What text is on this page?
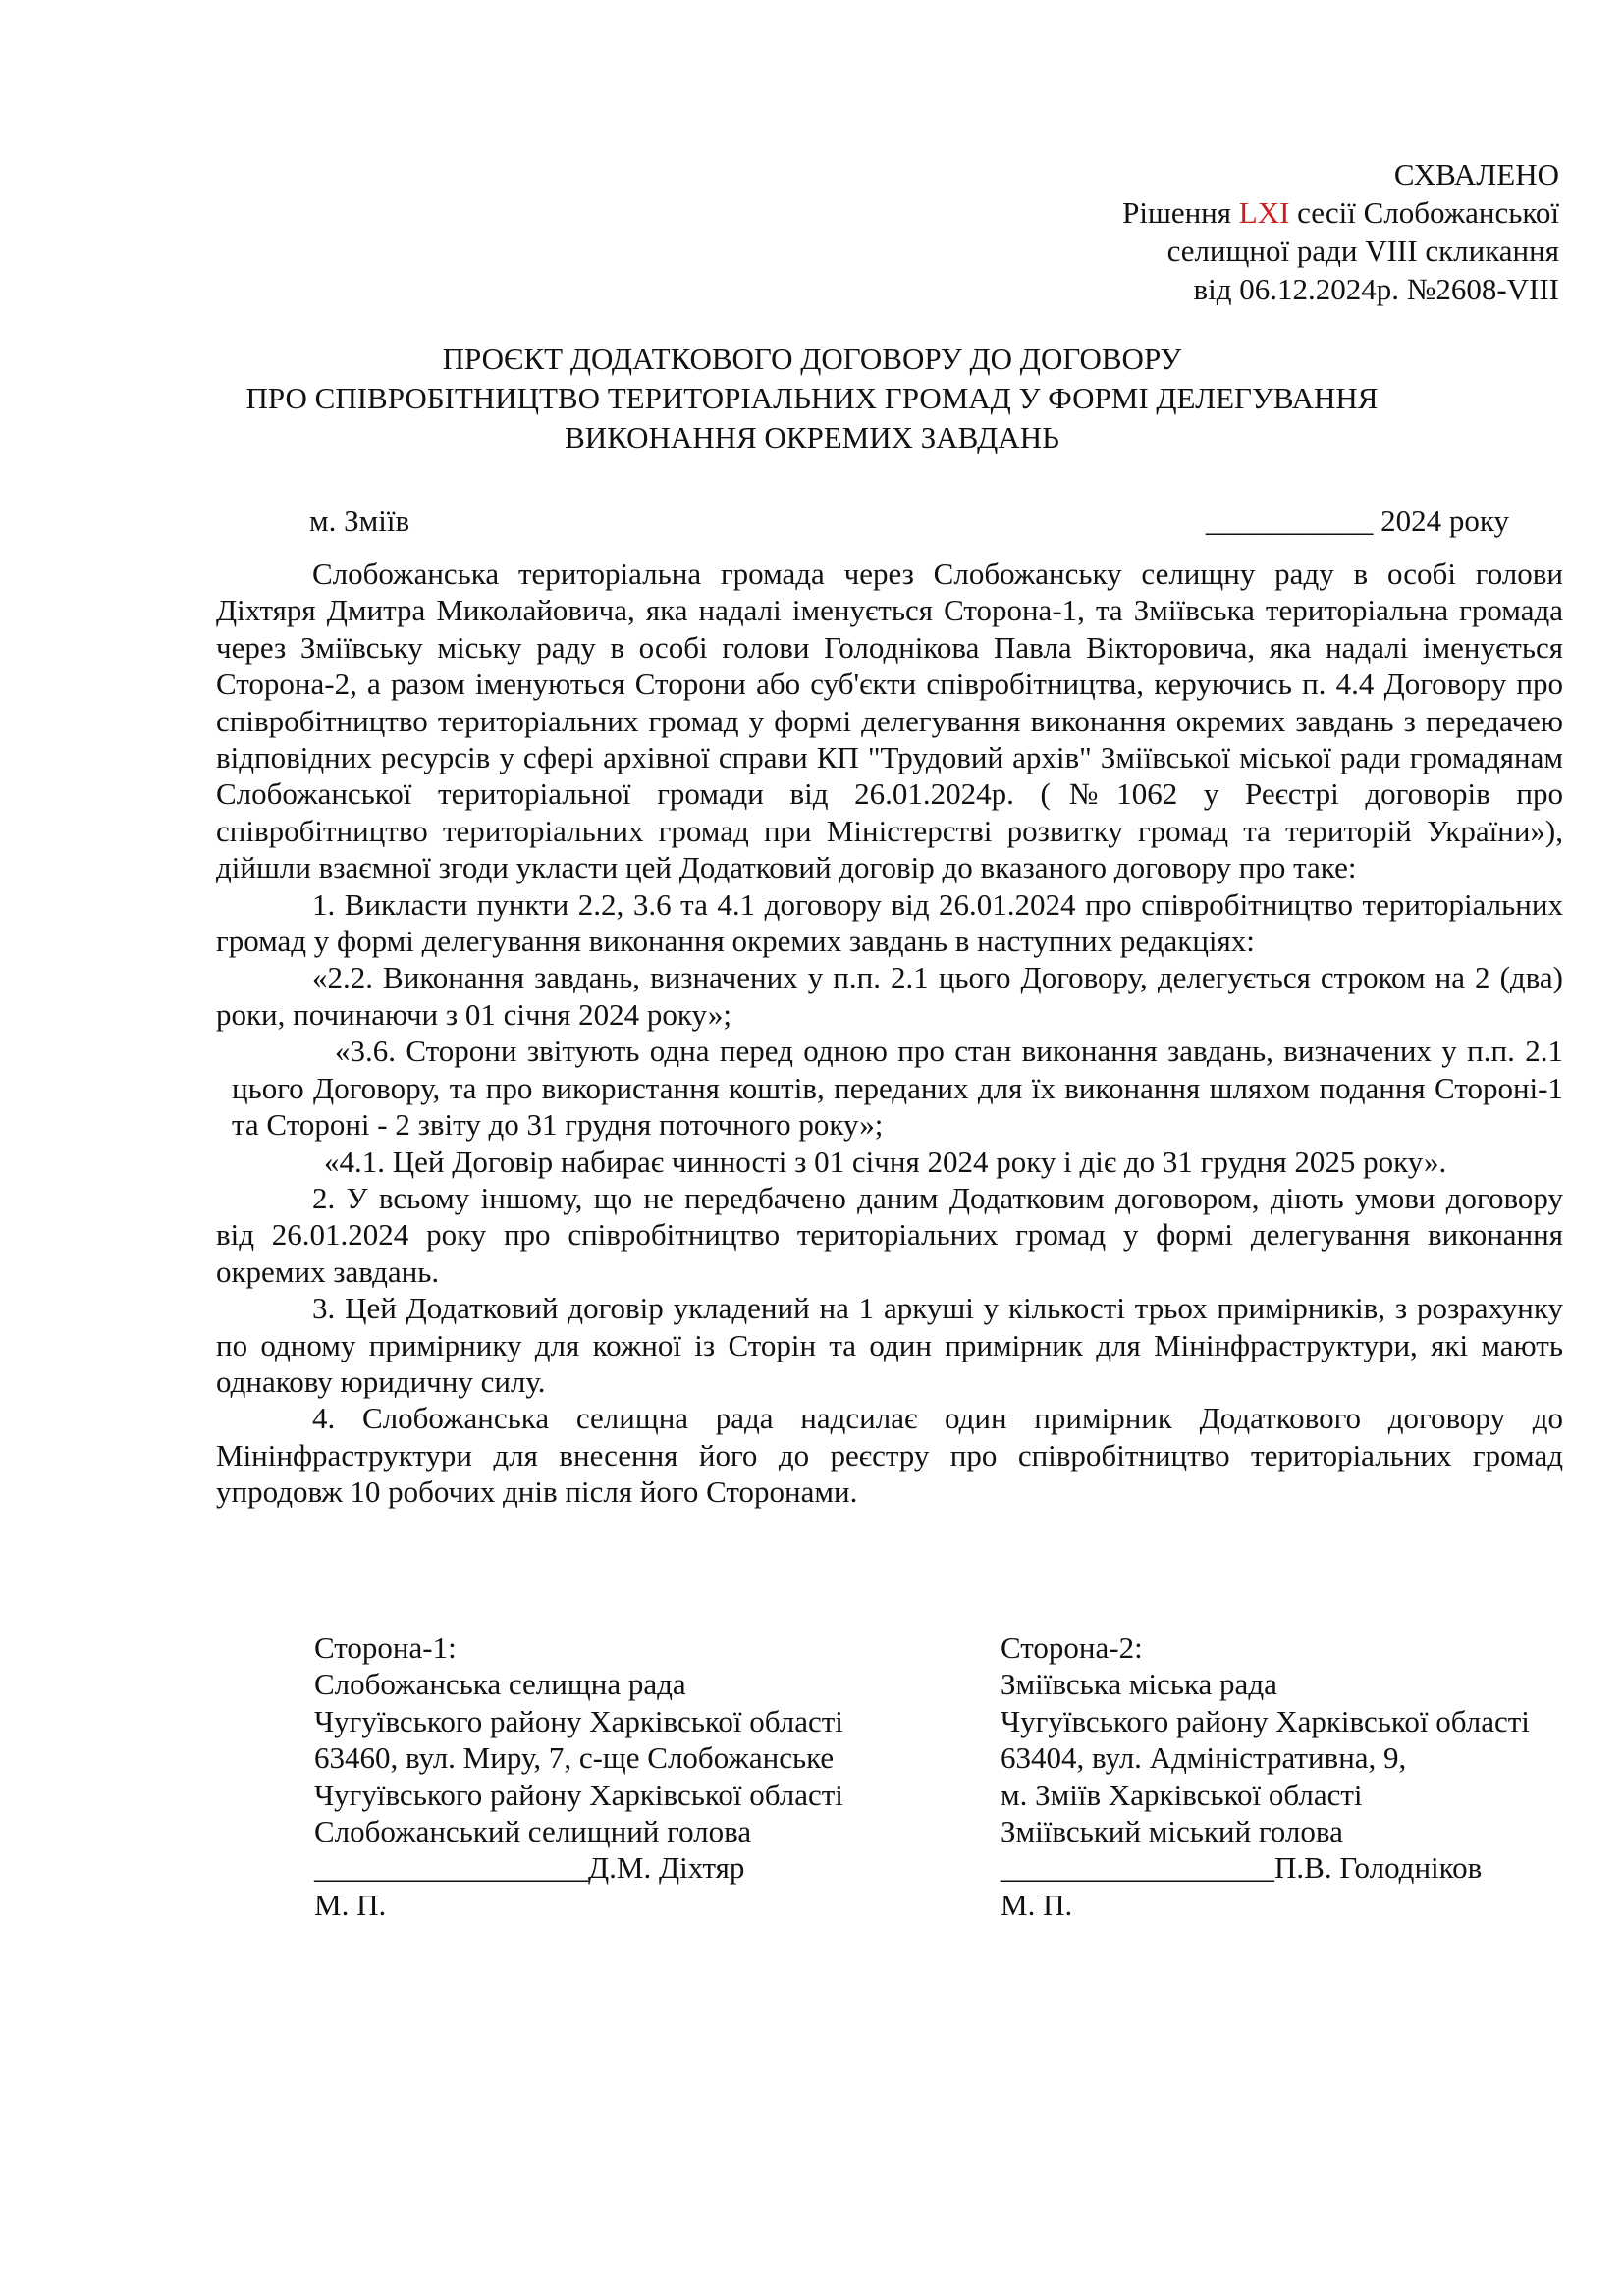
СХВАЛЕНО
Рішення LXI сесії Слобожанської
селищної ради VIII скликання
від 06.12.2024р. №2608-VIII
ПРОЄКТ ДОДАТКОВОГО ДОГОВОРУ ДО ДОГОВОРУ
ПРО СПІВРОБІТНИЦТВО ТЕРИТОРІАЛЬНИХ ГРОМАД У ФОРМІ ДЕЛЕГУВАННЯ
ВИКОНАННЯ ОКРЕМИХ ЗАВДАНЬ
м. Зміїв	___________ 2024 року

Слобожанська територіальна громада через Слобожанську селищну раду в особі голови Діхтяря Дмитра Миколайовича, яка надалі іменується Сторона-1, та Зміївська територіальна громада через Зміївську міську раду в особі голови Голоднікова Павла Вікторовича, яка надалі іменується Сторона-2, а разом іменуються Сторони або суб'єкти співробітництва, керуючись п. 4.4 Договору про співробітництво територіальних громад у формі делегування виконання окремих завдань з передачею відповідних ресурсів у сфері архівної справи КП "Трудовий архів" Зміївської міської ради громадянам Слобожанської територіальної громади від 26.01.2024р. (№1062 у Реєстрі договорів про співробітництво територіальних громад при Міністерстві розвитку громад та територій України»), дійшли взаємної згоди укласти цей Додатковий договір до вказаного договору про таке:

1. Викласти пункти 2.2, 3.6 та 4.1 договору від 26.01.2024 про співробітництво територіальних громад у формі делегування виконання окремих завдань в наступних редакціях:

«2.2. Виконання завдань, визначених у п.п. 2.1 цього Договору, делегується строком на 2 (два) роки, починаючи з 01 січня 2024 року»;

«3.6. Сторони звітують одна перед одною про стан виконання завдань, визначених у п.п. 2.1 цього Договору, та про використання коштів, переданих для їх виконання шляхом подання Стороні-1 та Стороні - 2 звіту до 31 грудня поточного року»;

«4.1. Цей Договір набирає чинності з 01 січня 2024 року і діє до 31 грудня 2025 року».

2. У всьому іншому, що не передбачено даним Додатковим договором, діють умови договору від 26.01.2024 року про співробітництво територіальних громад у формі делегування виконання окремих завдань.

3. Цей Додатковий договір укладений на 1 аркуші у кількості трьох примірників, з розрахунку по одному примірнику для кожної із Сторін та один примірник для Мінінфраструктури, які мають однакову юридичну силу.

4. Слобожанська селищна рада надсилає один примірник Додаткового договору до Мінінфраструктури для внесення його до реєстру про співробітництво територіальних громад упродовж 10 робочих днів після його Сторонами.

Сторона-1:
Слобожанська селищна рада
Чугуївського району Харківської області
63460, вул. Миру, 7, с-ще Слобожанське
Чугуївського району Харківської області
Слобожанський селищний голова
__________________Д.М. Діхтяр
М. П.
Сторона-2:
Зміївська міська рада
Чугуївського району Харківської області
63404, вул. Адміністративна, 9,
м. Зміїв Харківської області
Зміївський міський голова
__________________П.В. Голодніков
М. П.
